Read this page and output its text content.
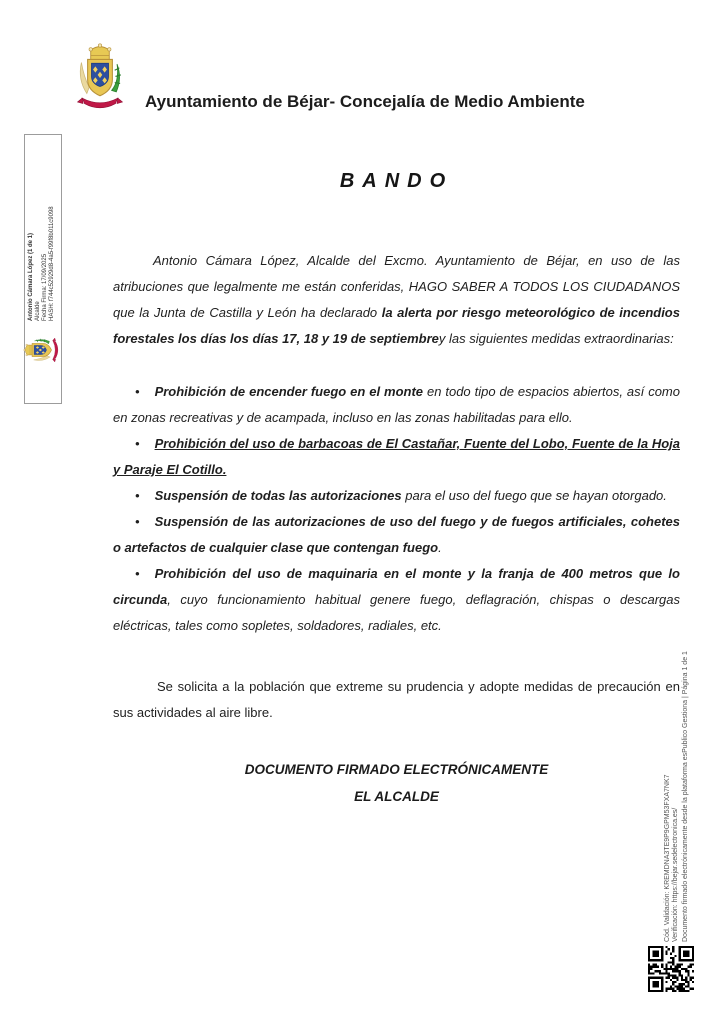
Ayuntamiento de Béjar- Concejalía de Medio Ambiente
Antonio Cámara López (1 de 1) Alcalde Fecha Firma: 17/09/2025 HASH: f744c52929d8-4a5-f99f8b011c9098
BANDO

Antonio Cámara López, Alcalde del Excmo. Ayuntamiento de Béjar, en uso de las atribuciones que legalmente me están conferidas, HAGO SABER A TODOS LOS CIUDADANOS que la Junta de Castilla y León ha declarado la alerta por riesgo meteorológico de incendios forestales los días los días 17, 18 y 19 de septiembrey las siguientes medidas extraordinarias:

• Prohibición de encender fuego en el monte en todo tipo de espacios abiertos, así como en zonas recreativas y de acampada, incluso en las zonas habilitadas para ello.

• Prohibición del uso de barbacoas de El Castañar, Fuente del Lobo, Fuente de la Hoja y Paraje El Cotillo.

• Suspensión de todas las autorizaciones para el uso del fuego que se hayan otorgado.

• Suspensión de las autorizaciones de uso del fuego y de fuegos artificiales, cohetes o artefactos de cualquier clase que contengan fuego.

• Prohibición del uso de maquinaria en el monte y la franja de 400 metros que lo circunda, cuyo funcionamiento habitual genere fuego, deflagración, chispas o descargas eléctricas, tales como sopletes, soldadores, radiales, etc.

Se solicita a la población que extreme su prudencia y adopte medidas de precaución en sus actividades al aire libre.

DOCUMENTO FIRMADO ELECTRÓNICAMENTE
EL ALCALDE	Cód. Validación: KREMDNA3TE9P9GPM53FXA7NK7 Verificación: https://bejar.sedelectronica.es/ Documento firmado electrónicamente desde la plataforma esPublico Gestiona | Página 1 de 1
